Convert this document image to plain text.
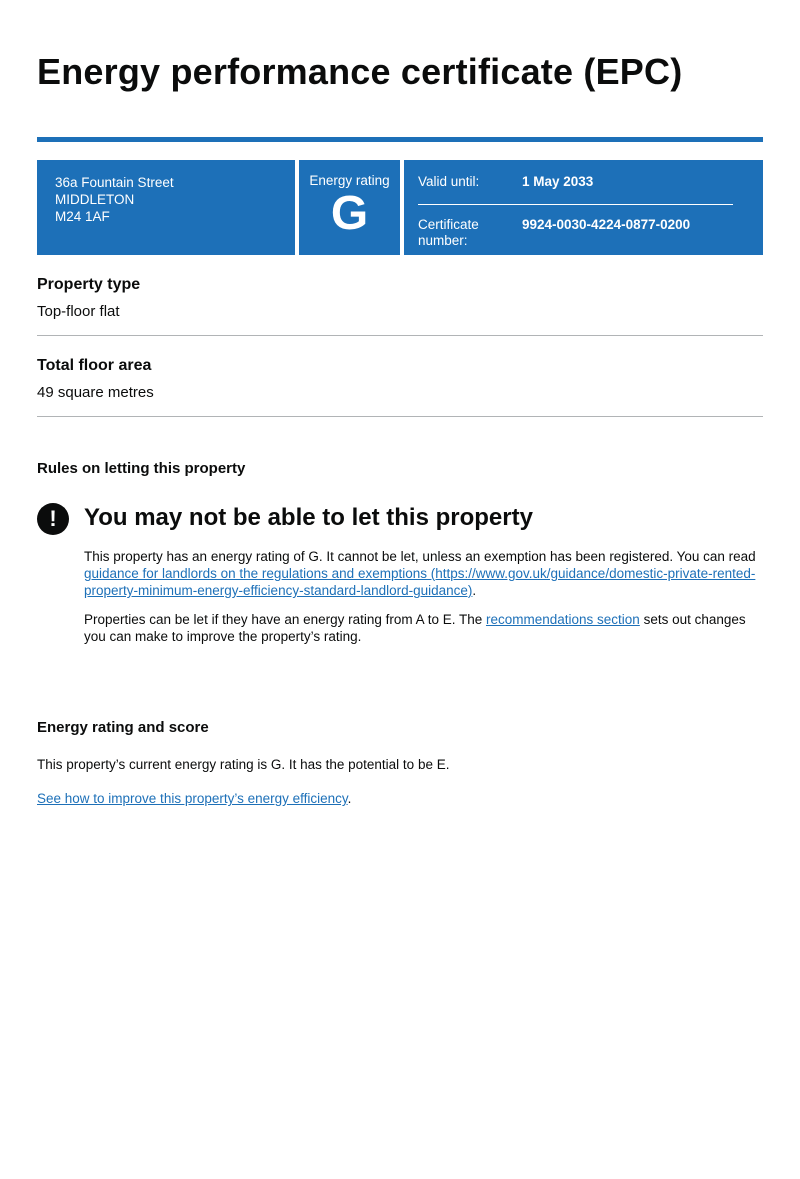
Energy performance certificate (EPC)
36a Fountain Street
MIDDLETON
M24 1AF
Energy rating
G
Valid until:	1 May 2033
Certificate number:
9924-0030-4224-0877-0200
Property type

Top-floor flat

Total floor area

49 square metres

Rules on letting this property
!	You may not be able to let this property

This property has an energy rating of G. It cannot be let, unless an exemption has been registered. You can read guidance for landlords on the regulations and exemptions (https://www.gov.uk/guidance/domestic-private-rented-property-minimum-energy-efficiency-standard-landlord-guidance).

Properties can be let if they have an energy rating from A to E. The recommendations section sets out changes you can make to improve the property’s rating.

Energy rating and score

This property’s current energy rating is G. It has the potential to be E.

See how to improve this property’s energy efficiency.
